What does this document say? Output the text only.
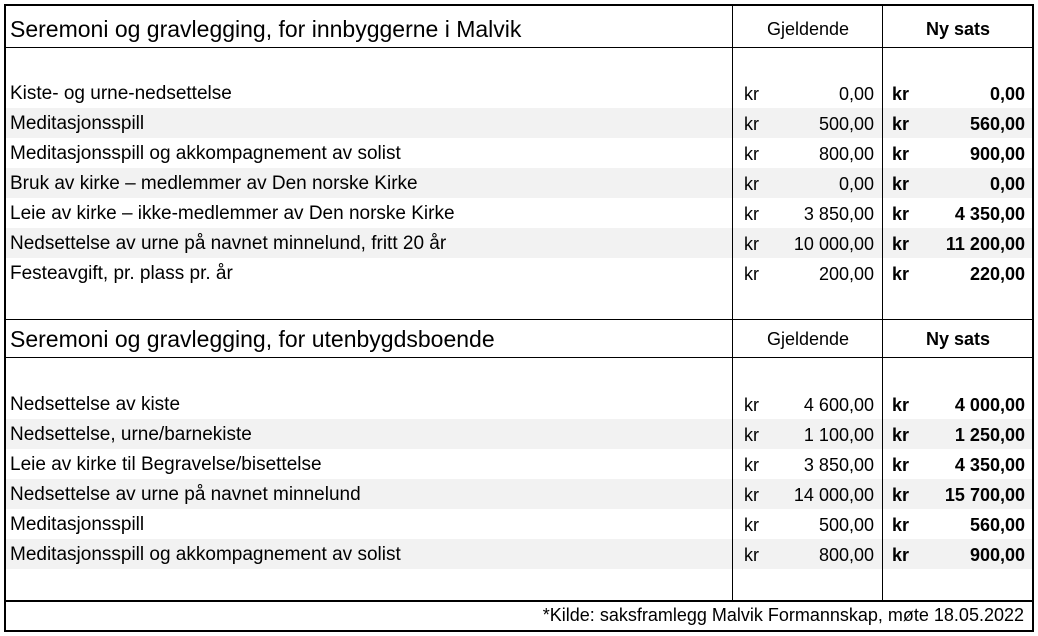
Seremoni og gravlegging, for innbyggerne i Malvik	Gjeldende	Ny sats
Kiste- og urne-nedsettelse	kr	0,00 kr	0,00
Meditasjonsspill	kr	500,00 kr	560,00
Meditasjonsspill og akkompagnement av solist	kr	800,00 kr	900,00
Bruk av kirke – medlemmer av Den norske Kirke	kr	0,00 kr	0,00
Leie av kirke – ikke-medlemmer av Den norske Kirke	kr	3 850,00 kr	4 350,00
Nedsettelse av urne på navnet minnelund, fritt 20 år	kr	10 000,00 kr	11 200,00
Festeavgift, pr. plass pr. år	kr	200,00 kr	220,00
Seremoni og gravlegging, for utenbygdsboende	Gjeldende	Ny sats
Nedsettelse av kiste	kr	4 600,00 kr	4 000,00
Nedsettelse, urne/barnekiste	kr	1 100,00 kr	1 250,00
Leie av kirke til Begravelse/bisettelse	kr	3 850,00 kr	4 350,00
Nedsettelse av urne på navnet minnelund	kr	14 000,00 kr	15 700,00
Meditasjonsspill	kr	500,00 kr	560,00
Meditasjonsspill og akkompagnement av solist	kr	800,00 kr	900,00
*Kilde: saksframlegg Malvik Formannskap, møte 18.05.2022
